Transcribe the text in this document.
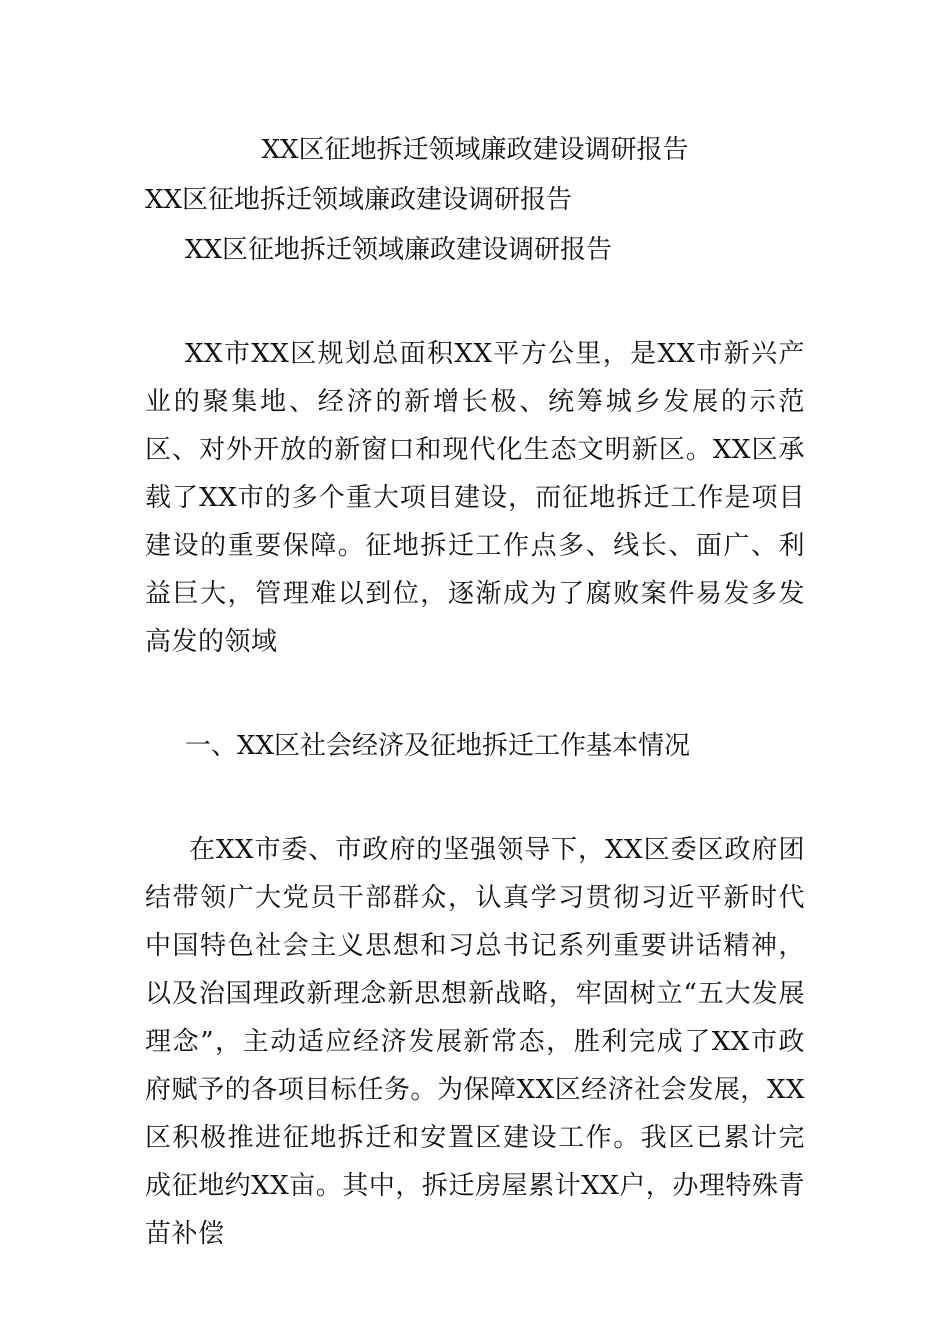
XX区征地拆迁领域廉政建设调研报告
XX区征地拆迁领域廉政建设调研报告
XX区征地拆迁领域廉政建设调研报告
XX市XX区规划总面积XX平方公里，是XX市新兴产业的聚集地、经济的新增长极、统筹城乡发展的示范区、对外开放的新窗口和现代化生态文明新区。XX区承载了XX市的多个重大项目建设，而征地拆迁工作是项目建设的重要保障。征地拆迁工作点多、线长、面广、利益巨大，管理难以到位，逐渐成为了腐败案件易发多发高发的领域
一、XX区社会经济及征地拆迁工作基本情况
在XX市委、市政府的坚强领导下，XX区委区政府团结带领广大党员干部群众，认真学习贯彻习近平新时代中国特色社会主义思想和习总书记系列重要讲话精神，以及治国理政新理念新思想新战略，牢固树立“五大发展理念”，主动适应经济发展新常态，胜利完成了XX市政府赋予的各项目标任务。为保障XX区经济社会发展，XX区积极推进征地拆迁和安置区建设工作。我区已累计完成征地约XX亩。其中，拆迁房屋累计XX户，办理特殊青苗补偿
